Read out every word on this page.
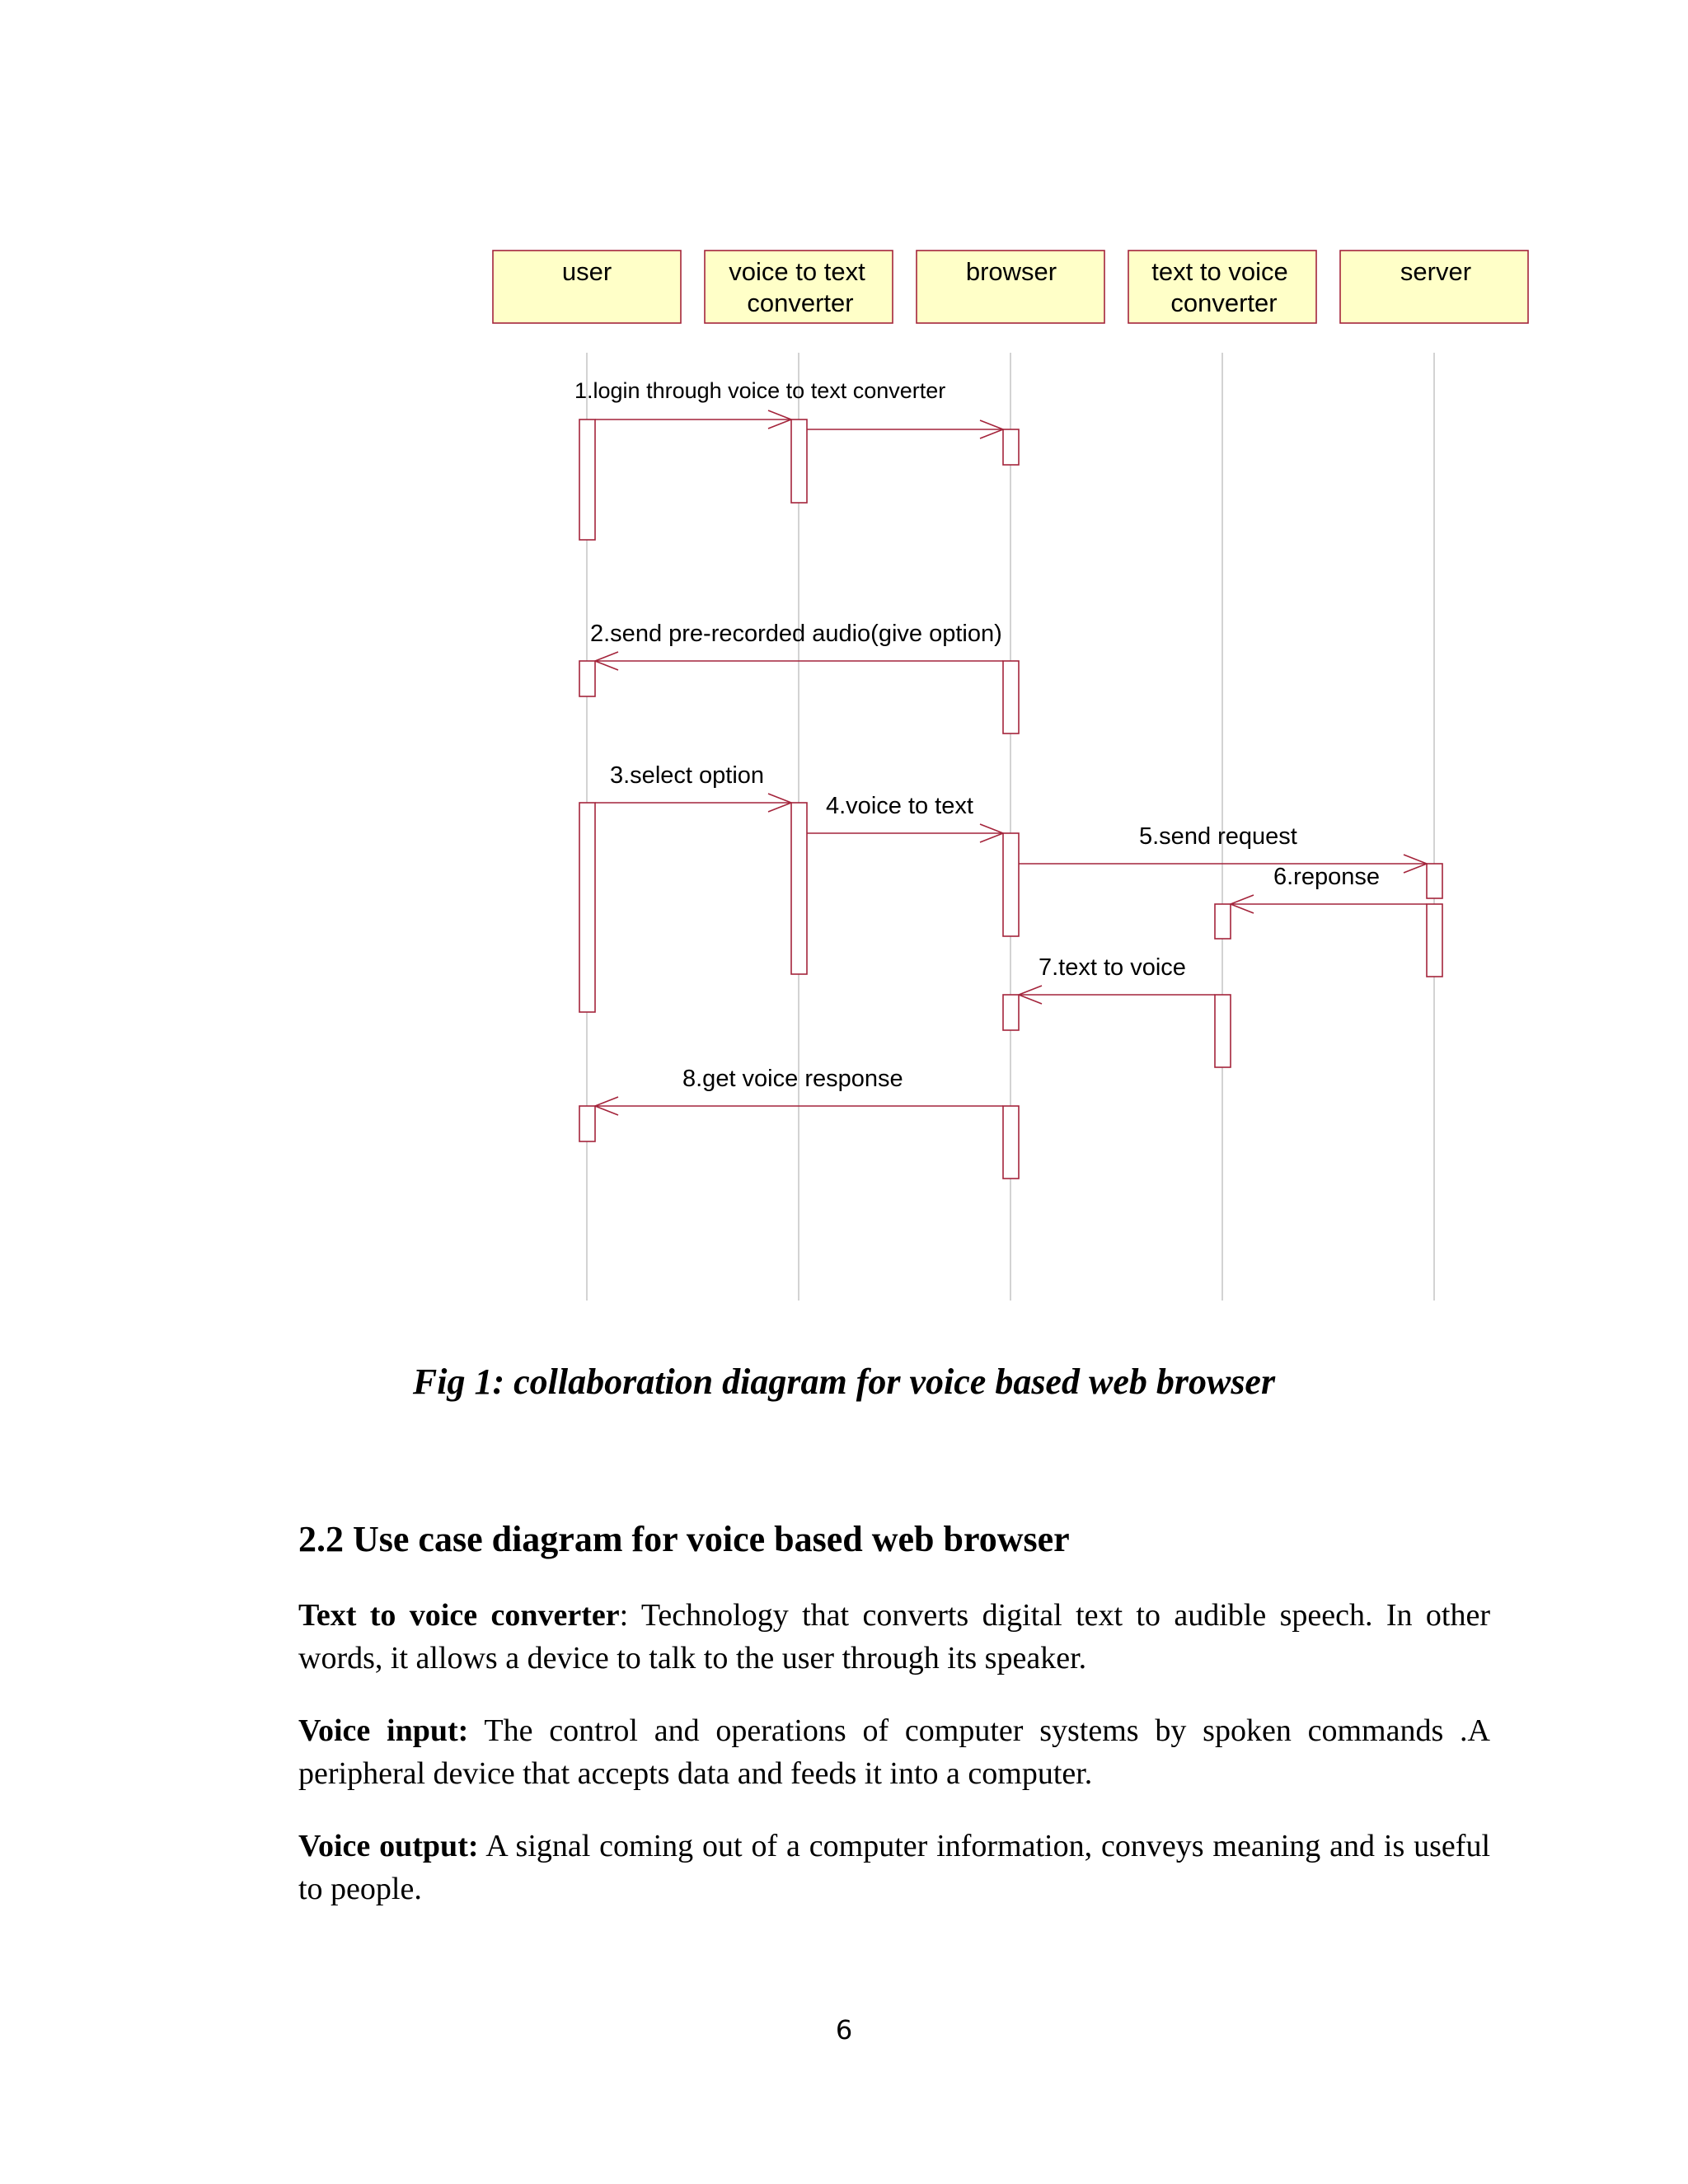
user	voice to text
converter
browser	text to voice
converter
server
1.login through voice to text converter
2.send pre-recorded audio(give option)
3.select option
4.voice to text
5.send request
6.reponse
7.text to voice
8.get voice response
Fig 1: collaboration diagram for voice based web browser
2.2 Use case diagram for voice based web browser

Text to voice converter: Technology that converts digital text to audible speech. In other words, it allows a device to talk to the user through its speaker.

Voice input: The control and operations of computer systems by spoken commands .A peripheral device that accepts data and feeds it into a computer.

Voice output: A signal coming out of a computer information, conveys meaning and is useful to people.

6
